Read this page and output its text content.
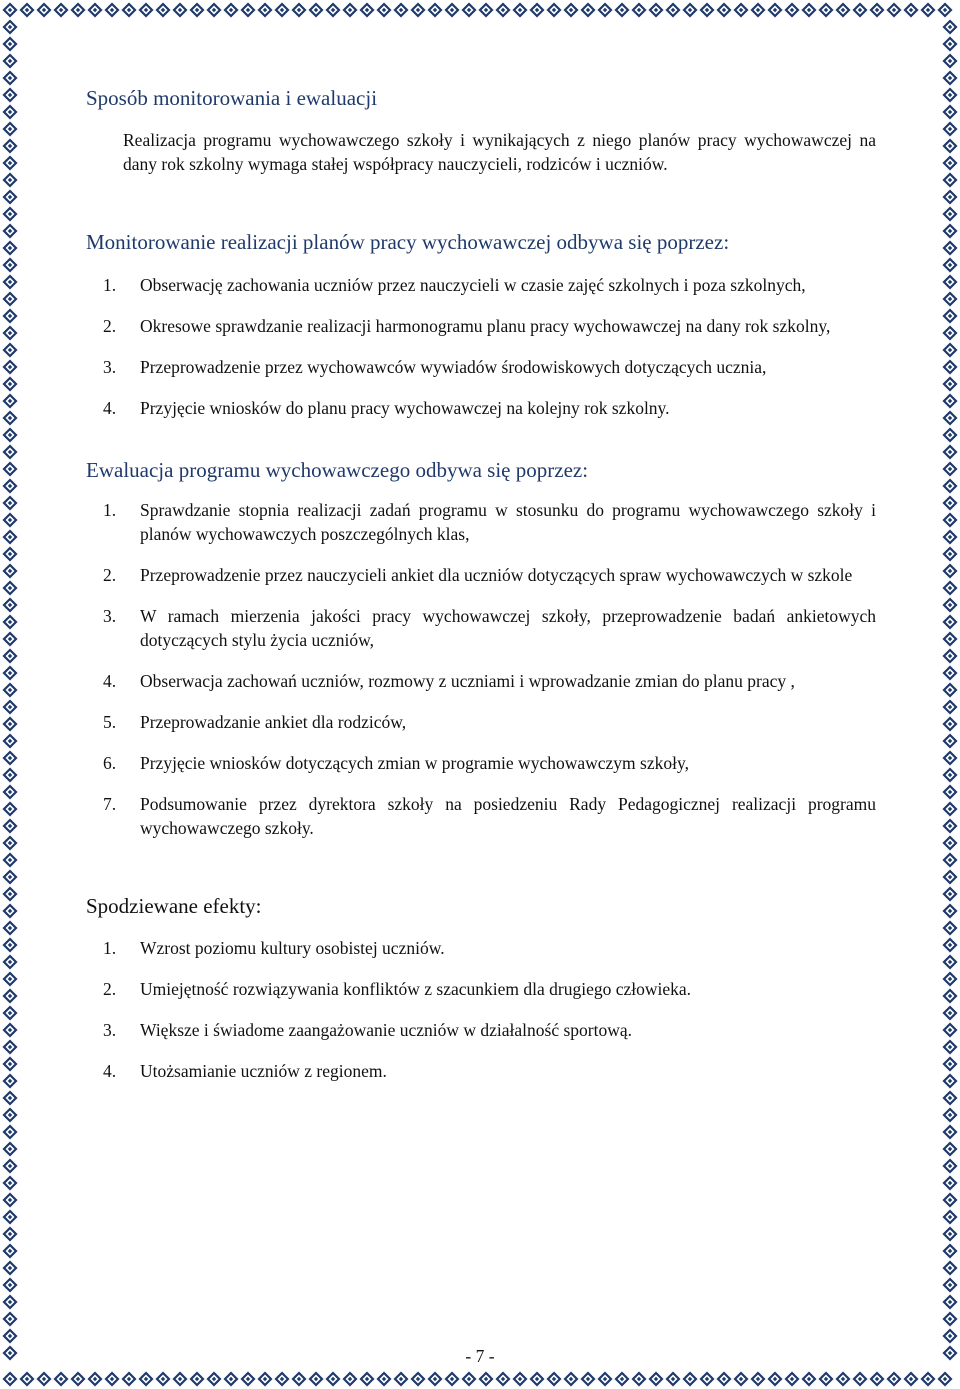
Sposób monitorowania i ewaluacji

Realizacja programu wychowawczego szkoły i wynikających z niego planów pracy wychowawczej na dany rok szkolny wymaga stałej współpracy nauczycieli, rodziców i uczniów.

Monitorowanie realizacji planów pracy wychowawczej odbywa się poprzez:
1. Obserwację zachowania uczniów przez nauczycieli w czasie zajęć szkolnych i poza szkolnych,
2. Okresowe sprawdzanie realizacji harmonogramu planu pracy wychowawczej na dany rok szkolny,
3. Przeprowadzenie przez wychowawców wywiadów środowiskowych dotyczących ucznia,
4. Przyjęcie wniosków do planu pracy wychowawczej na kolejny rok szkolny.
Ewaluacja programu wychowawczego odbywa się poprzez:
1. Sprawdzanie stopnia realizacji zadań programu w stosunku do programu wychowawczego szkoły i planów wychowawczych poszczególnych klas,
2. Przeprowadzenie przez nauczycieli ankiet dla uczniów dotyczących spraw wychowawczych w szkole
3. W ramach mierzenia jakości pracy wychowawczej szkoły, przeprowadzenie badań ankietowych dotyczących stylu życia uczniów,
4. Obserwacja zachowań uczniów, rozmowy z uczniami i wprowadzanie zmian do planu pracy ,
5. Przeprowadzanie ankiet dla rodziców,
6. Przyjęcie wniosków dotyczących zmian w programie wychowawczym szkoły,
7. Podsumowanie przez dyrektora szkoły na posiedzeniu Rady Pedagogicznej realizacji programu wychowawczego szkoły.
Spodziewane efekty:
1. Wzrost poziomu kultury osobistej uczniów.
2. Umiejętność rozwiązywania konfliktów z szacunkiem dla drugiego człowieka.
3. Większe i świadome zaangażowanie uczniów w działalność sportową.
4. Utożsamianie uczniów z regionem.
- 7 -
